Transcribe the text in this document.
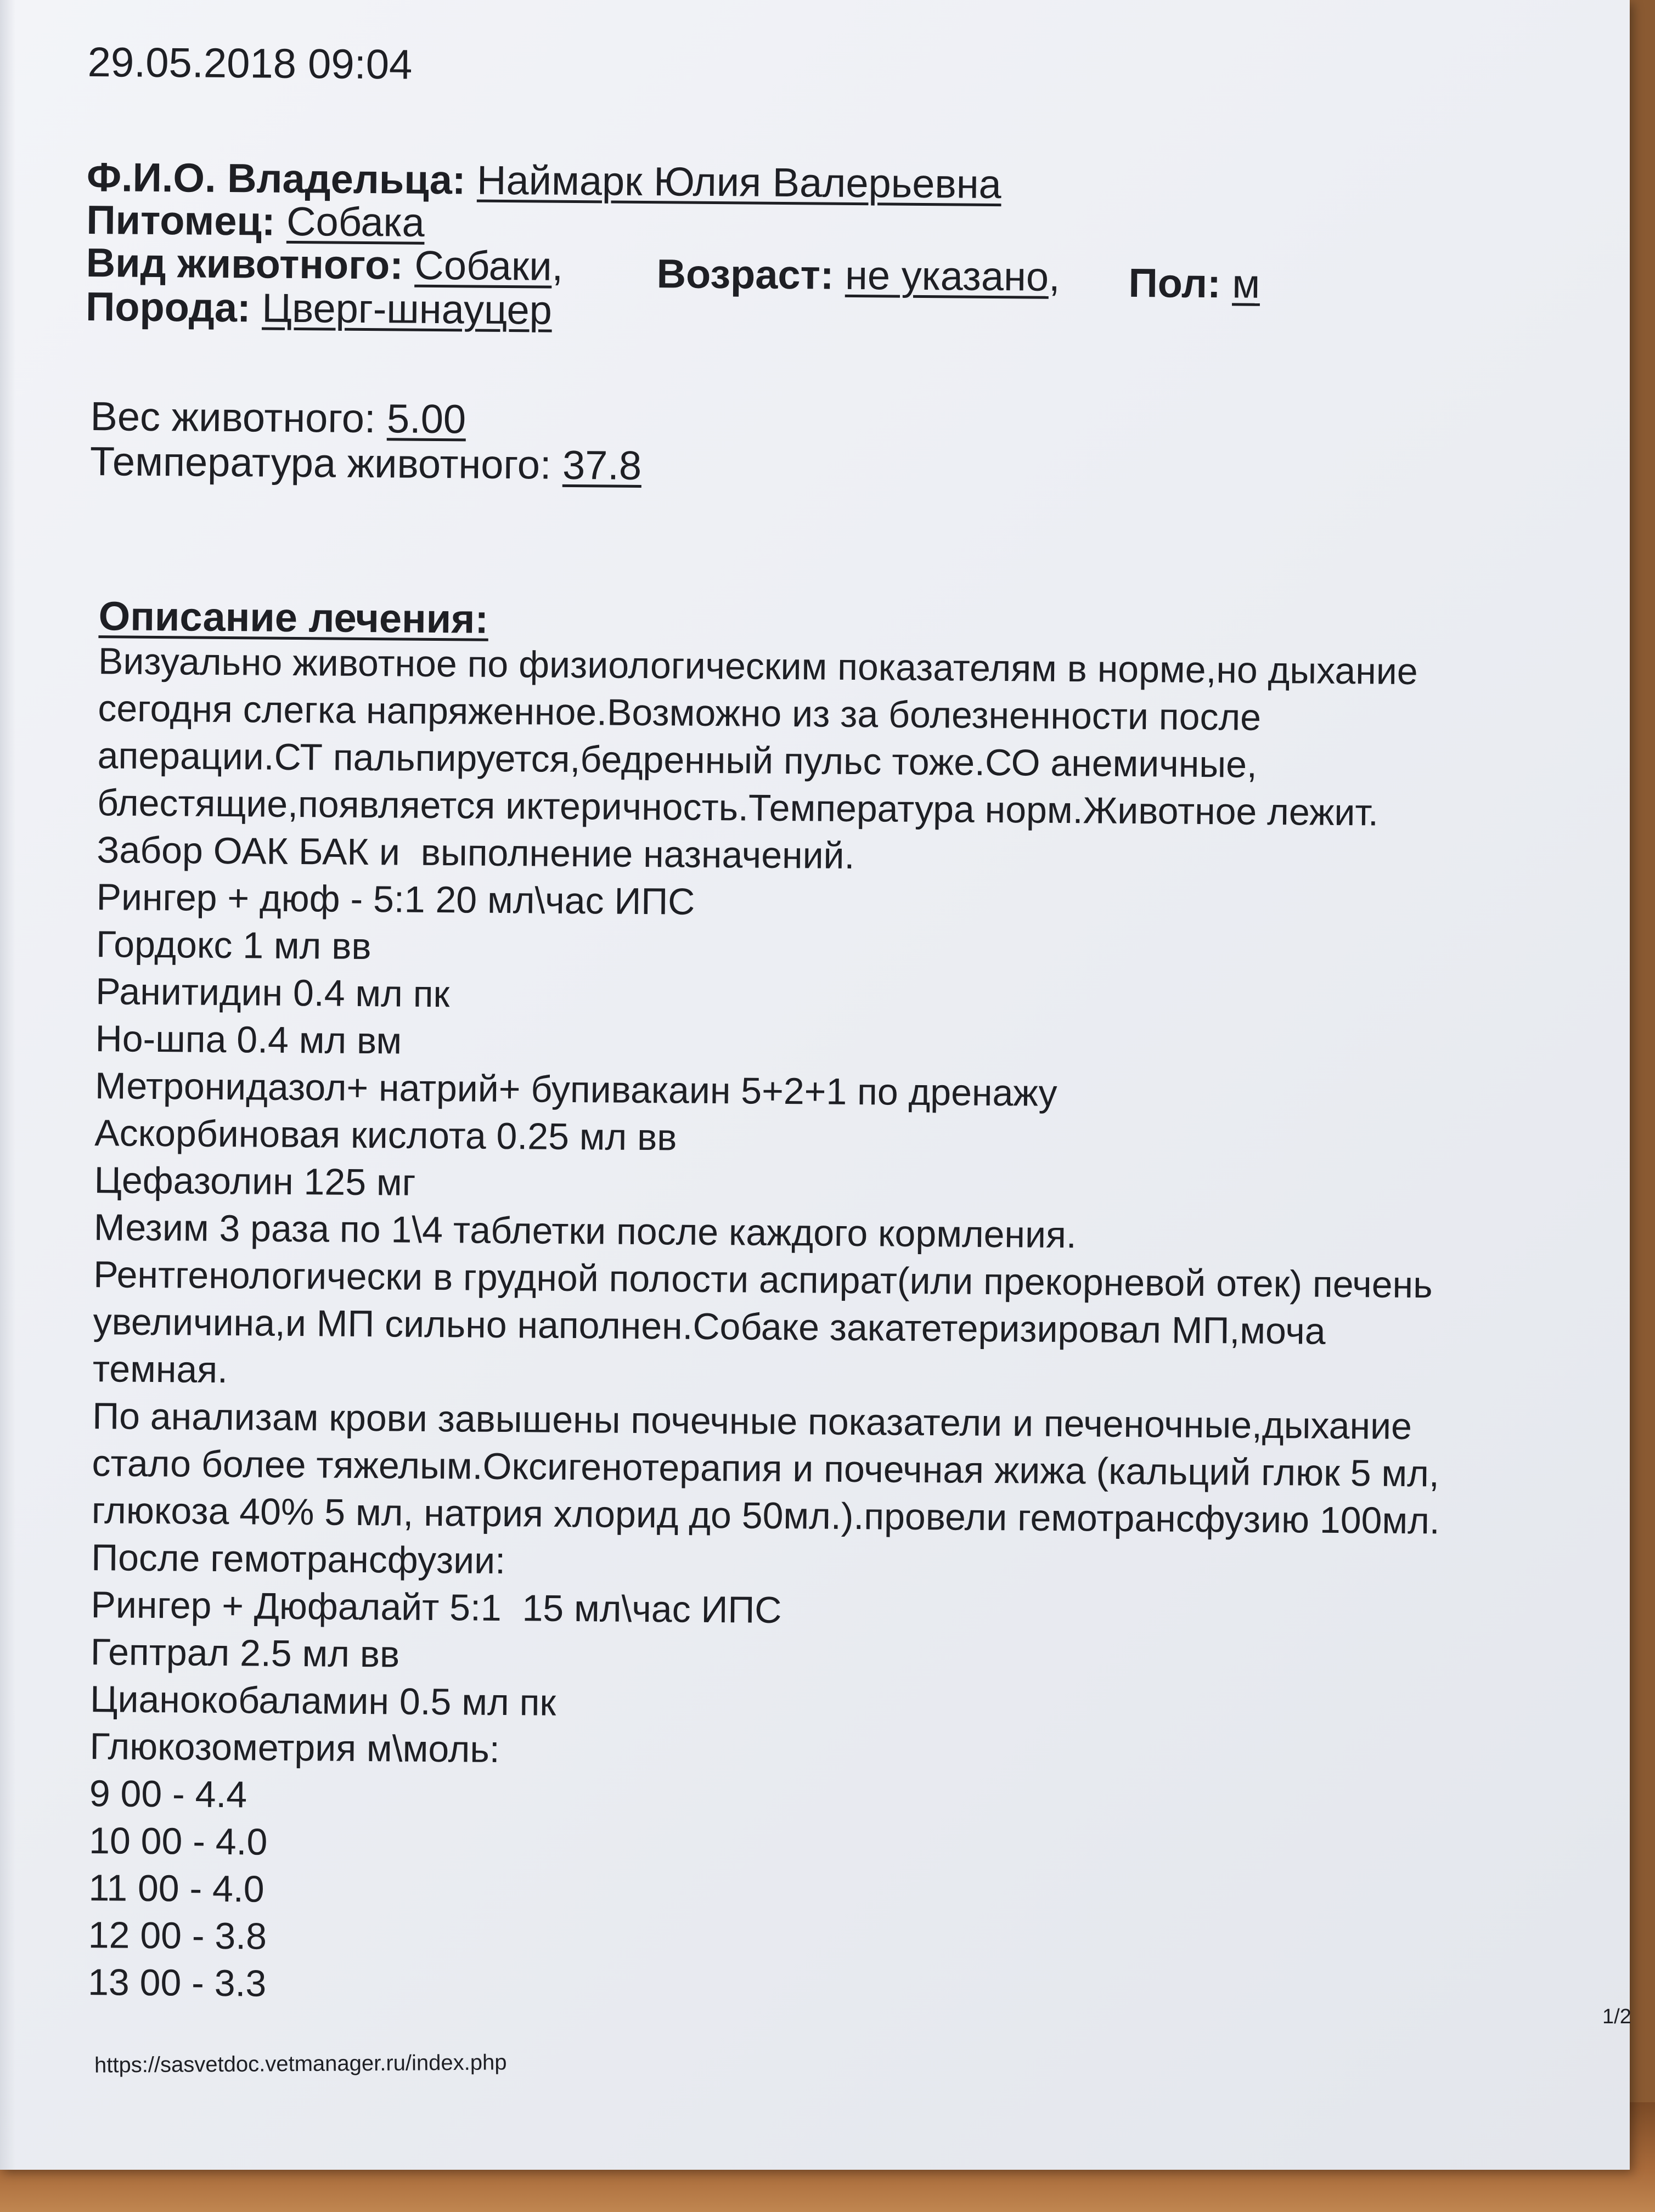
29.05.2018 09:04
Ф.И.О. Владельца: Наймарк Юлия Валерьевна
Питомец: Собака
Вид животного: Собаки, Возраст: не указано, Пол: м
Порода: Цверг-шнауцер
Вес животного: 5.00
Температура животного: 37.8
Описание лечения:
Визуально животное по физиологическим показателям в норме,но дыхание
сегодня слегка напряженное.Возможно из за болезненности после
аперации.СТ пальпируется,бедренный пульс тоже.СО анемичные,
блестящие,появляется иктеричность.Температура норм.Животное лежит.
Забор ОАК БАК и  выполнение назначений.
Рингер + дюф - 5:1 20 мл\час ИПС
Гордокс 1 мл вв
Ранитидин 0.4 мл пк
Но-шпа 0.4 мл вм
Метронидазол+ натрий+ бупивакаин 5+2+1 по дренажу
Аскорбиновая кислота 0.25 мл вв
Цефазолин 125 мг
Мезим 3 раза по 1\4 таблетки после каждого кормления.
Рентгенологически в грудной полости аспират(или прекорневой отек) печень
увеличина,и МП сильно наполнен.Собаке закатетеризировал МП,моча
темная.
По анализам крови завышены почечные показатели и печеночные,дыхание
стало более тяжелым.Оксигенотерапия и почечная жижа (кальций глюк 5 мл,
глюкоза 40% 5 мл, натрия хлорид до 50мл.).провели гемотрансфузию 100мл.
После гемотрансфузии:
Рингер + Дюфалайт 5:1  15 мл\час ИПС
Гептрал 2.5 мл вв
Цианокобаламин 0.5 мл пк
Глюкозометрия м\моль:
9 00 - 4.4
10 00 - 4.0
11 00 - 4.0
12 00 - 3.8
13 00 - 3.3
1/2
https://sasvetdoc.vetmanager.ru/index.php
